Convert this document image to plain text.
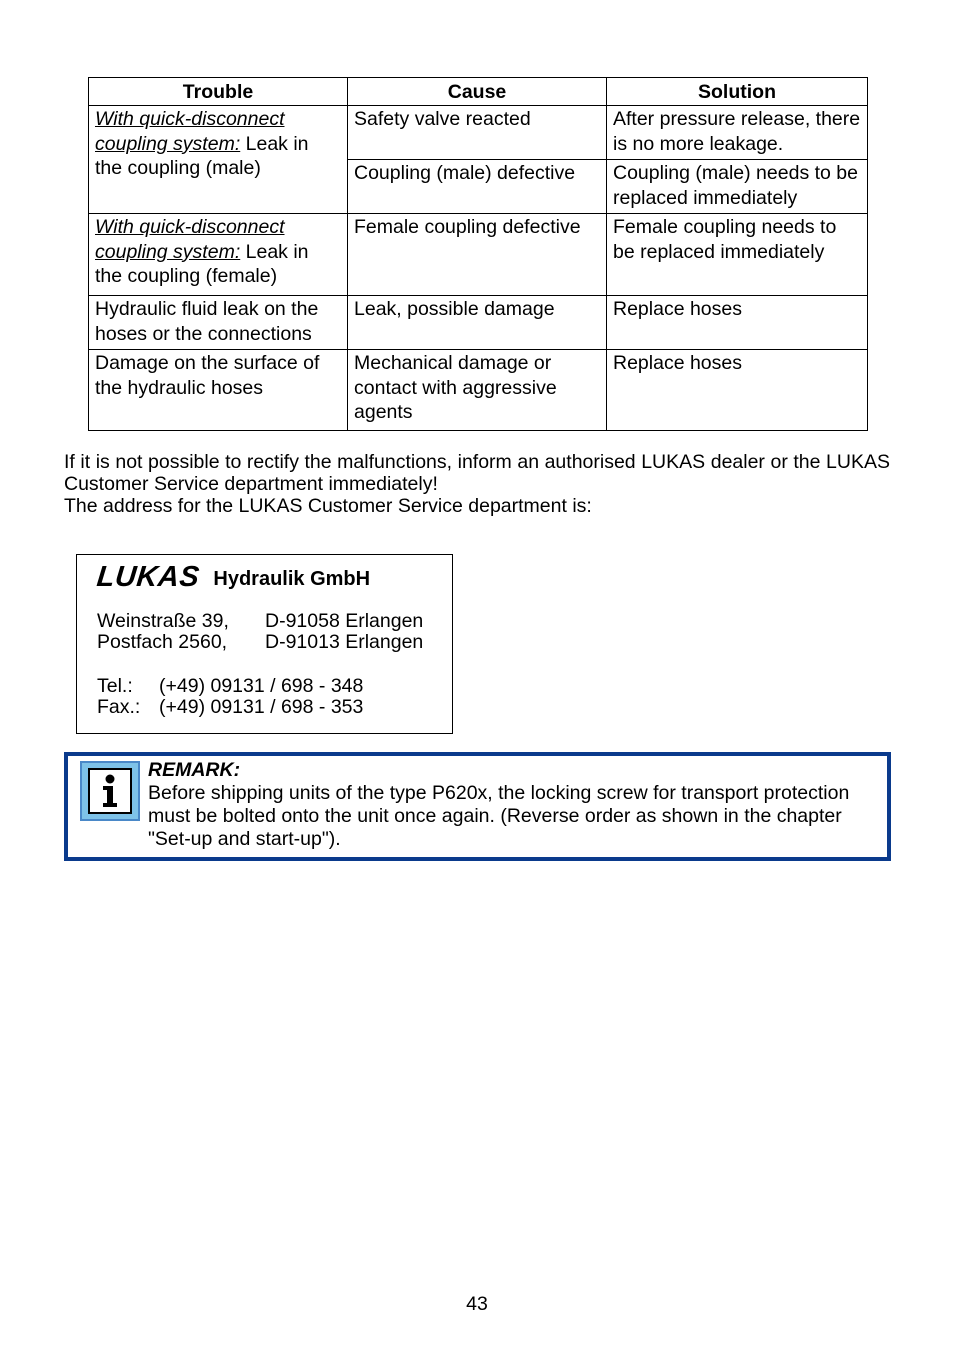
Trouble	Cause	Solution
With quick-disconnect
coupling system: Leak in the coupling (male)	Safety valve reacted	After pressure release, there is no more leakage.
	Coupling (male) defective	Coupling (male) needs to be replaced immediately
With quick-disconnect
coupling system: Leak in the coupling (female)	Female coupling defective	Female coupling needs to be replaced immediately
Hydraulic fluid leak on the hoses or the connections	Leak, possible damage	Replace hoses
Damage on the surface of the hydraulic hoses	Mechanical damage or contact with aggressive agents	Replace hoses

If it is not possible to rectify the malfunctions, inform an authorised LUKAS dealer or the LUKAS Customer Service department immediately!

The address for the LUKAS Customer Service department is:

LUKAS Hydraulik GmbH
Weinstraße 39, D-91058 Erlangen
Postfach 2560, D-91013 Erlangen
Tel.: (+49) 09131 / 698 - 348
Fax.: (+49) 09131 / 698 - 353
REMARK:
Before shipping units of the type P620x, the locking screw for transport protection must be bolted onto the unit once again. (Reverse order as shown in the chapter "Set-up and start-up").
43
